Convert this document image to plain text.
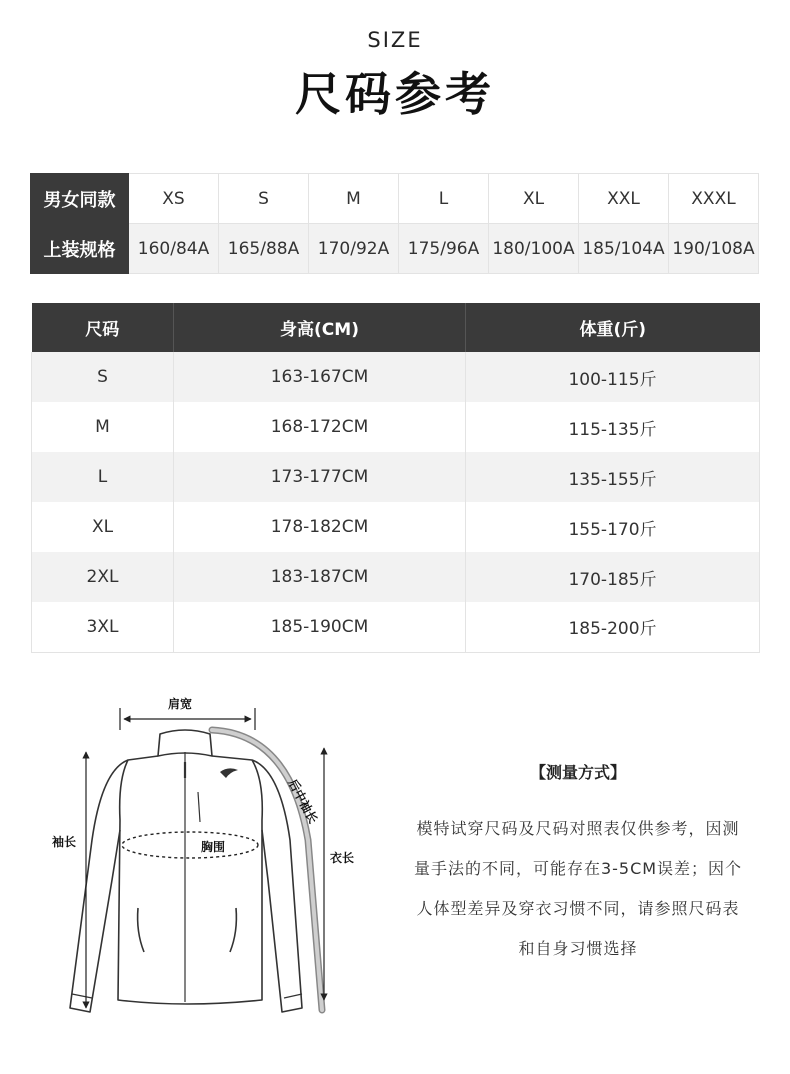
SIZE
尺码参考
男女同款	XS	S	M	L	XL	XXL	XXXL
上装规格	160/84A	165/88A	170/92A	175/96A	180/100A	185/104A	190/108A
尺码	身高(CM)	体重(斤)
S	163-167CM	100-115斤
M	168-172CM	115-135斤
L	173-177CM	135-155斤
XL	178-182CM	155-170斤
2XL	183-187CM	170-185斤
3XL	185-190CM	185-200斤
肩宽
后中袖长
袖长	胸围
衣长
【测量方式】
模特试穿尺码及尺码对照表仅供参考，因测
量手法的不同，可能存在3-5CM误差；因个
人体型差异及穿衣习惯不同，请参照尺码表
和自身习惯选择
